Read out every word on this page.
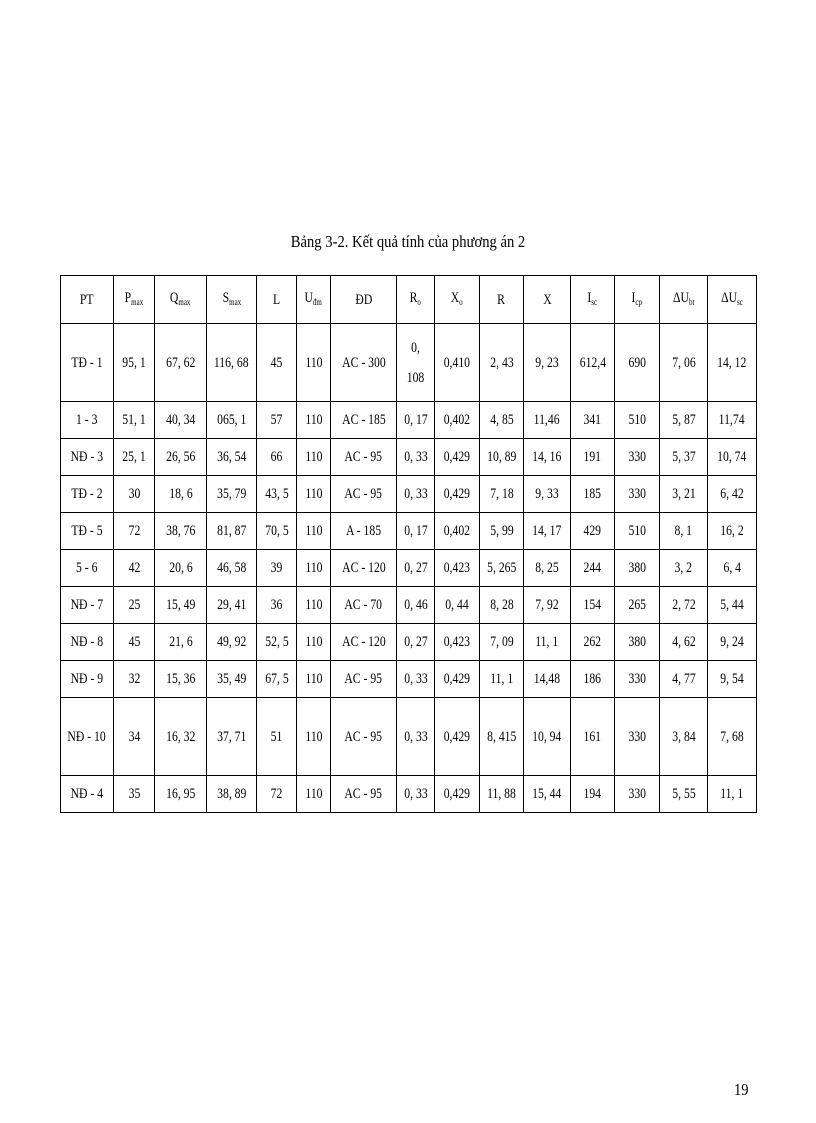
Bảng 3-2. Kết quả tính của phương án 2
PT	$P_{max}$	$Q_{max}$	$S_{max}$	L	$U_{đm}$	ĐD	$R_o$	$X_o$	R	X	$I_{sc}$	$I_{cp}$	$\Delta U_{bt}$	$\Delta U_{sc}$
TĐ - 1	95, 1	67, 62	116, 68	45	110	AC - 300	0, 108	0,410	2, 43	9, 23	612,4	690	7, 06	14, 12
1 - 3	51, 1	40, 34	065, 1	57	110	AC - 185	0, 17	0,402	4, 85	11,46	341	510	5, 87	11,74
NĐ - 3	25, 1	26, 56	36, 54	66	110	AC - 95	0, 33	0,429	10, 89	14, 16	191	330	5, 37	10, 74
TĐ - 2	30	18, 6	35, 79	43, 5	110	AC - 95	0, 33	0,429	7, 18	9, 33	185	330	3, 21	6, 42
TĐ - 5	72	38, 76	81, 87	70, 5	110	A - 185	0, 17	0,402	5, 99	14, 17	429	510	8, 1	16, 2
5 - 6	42	20, 6	46, 58	39	110	AC - 120	0, 27	0,423	5, 265	8, 25	244	380	3, 2	6, 4
NĐ - 7	25	15, 49	29, 41	36	110	AC - 70	0, 46	0, 44	8, 28	7, 92	154	265	2, 72	5, 44
NĐ - 8	45	21, 6	49, 92	52, 5	110	AC - 120	0, 27	0,423	7, 09	11, 1	262	380	4, 62	9, 24
NĐ - 9	32	15, 36	35, 49	67, 5	110	AC - 95	0, 33	0,429	11, 1	14,48	186	330	4, 77	9, 54
NĐ - 10	34	16, 32	37, 71	51	110	AC - 95	0, 33	0,429	8, 415	10, 94	161	330	3, 84	7, 68
NĐ - 4	35	16, 95	38, 89	72	110	AC - 95	0, 33	0,429	11, 88	15, 44	194	330	5, 55	11, 1
19
